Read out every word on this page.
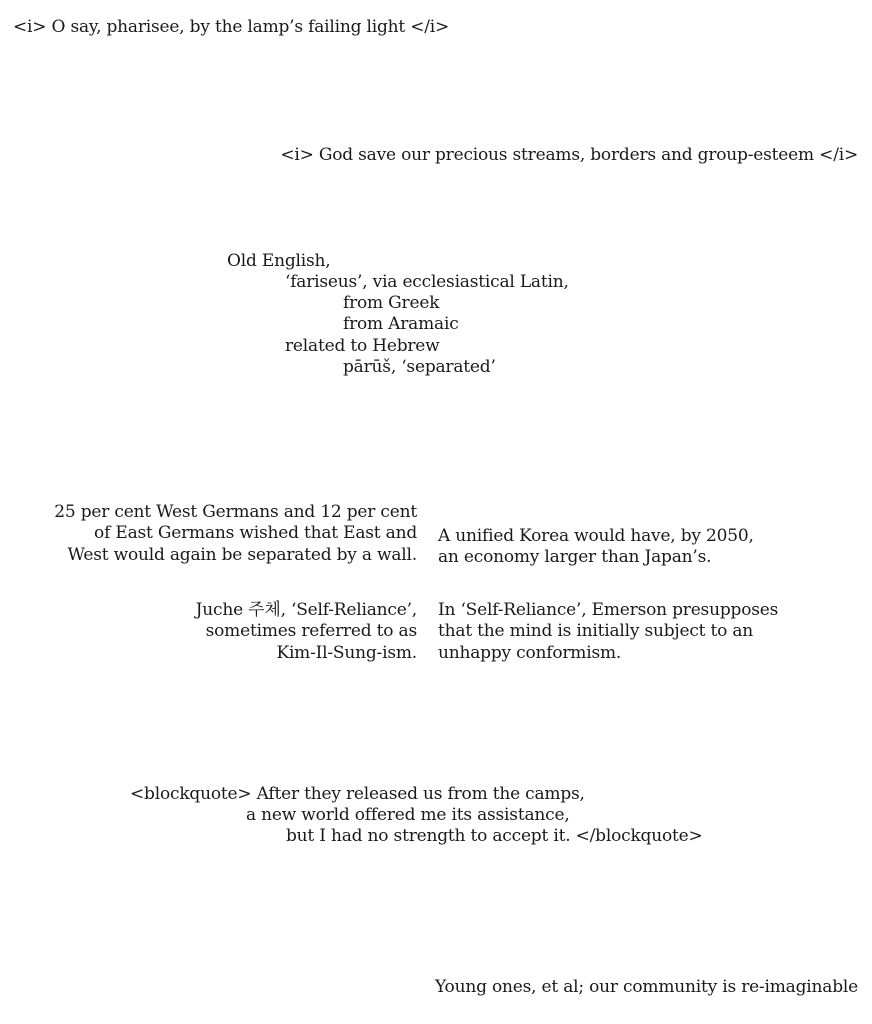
<i> O say, pharisee, by the lamp’s failing light </i>
<i> God save our precious streams, borders and group-esteem </i>
Old English,
‘fariseus’, via ecclesiastical Latin,
from Greek
from Aramaic
related to Hebrew
pārūš, ‘separated’
25 per cent West Germans and 12 per cent
of East Germans wished that East and
West would again be separated by a wall.
A unified Korea would have, by 2050,
an economy larger than Japan’s.
Juche 주체, ‘Self-Reliance’,
sometimes referred to as
Kim-Il-Sung-ism.
In ‘Self-Reliance’, Emerson presupposes
that the mind is initially subject to an
unhappy conformism.
<blockquote> After they released us from the camps,
a new world offered me its assistance,
but I had no strength to accept it. </blockquote>
Young ones, et al; our community is re-imaginable
